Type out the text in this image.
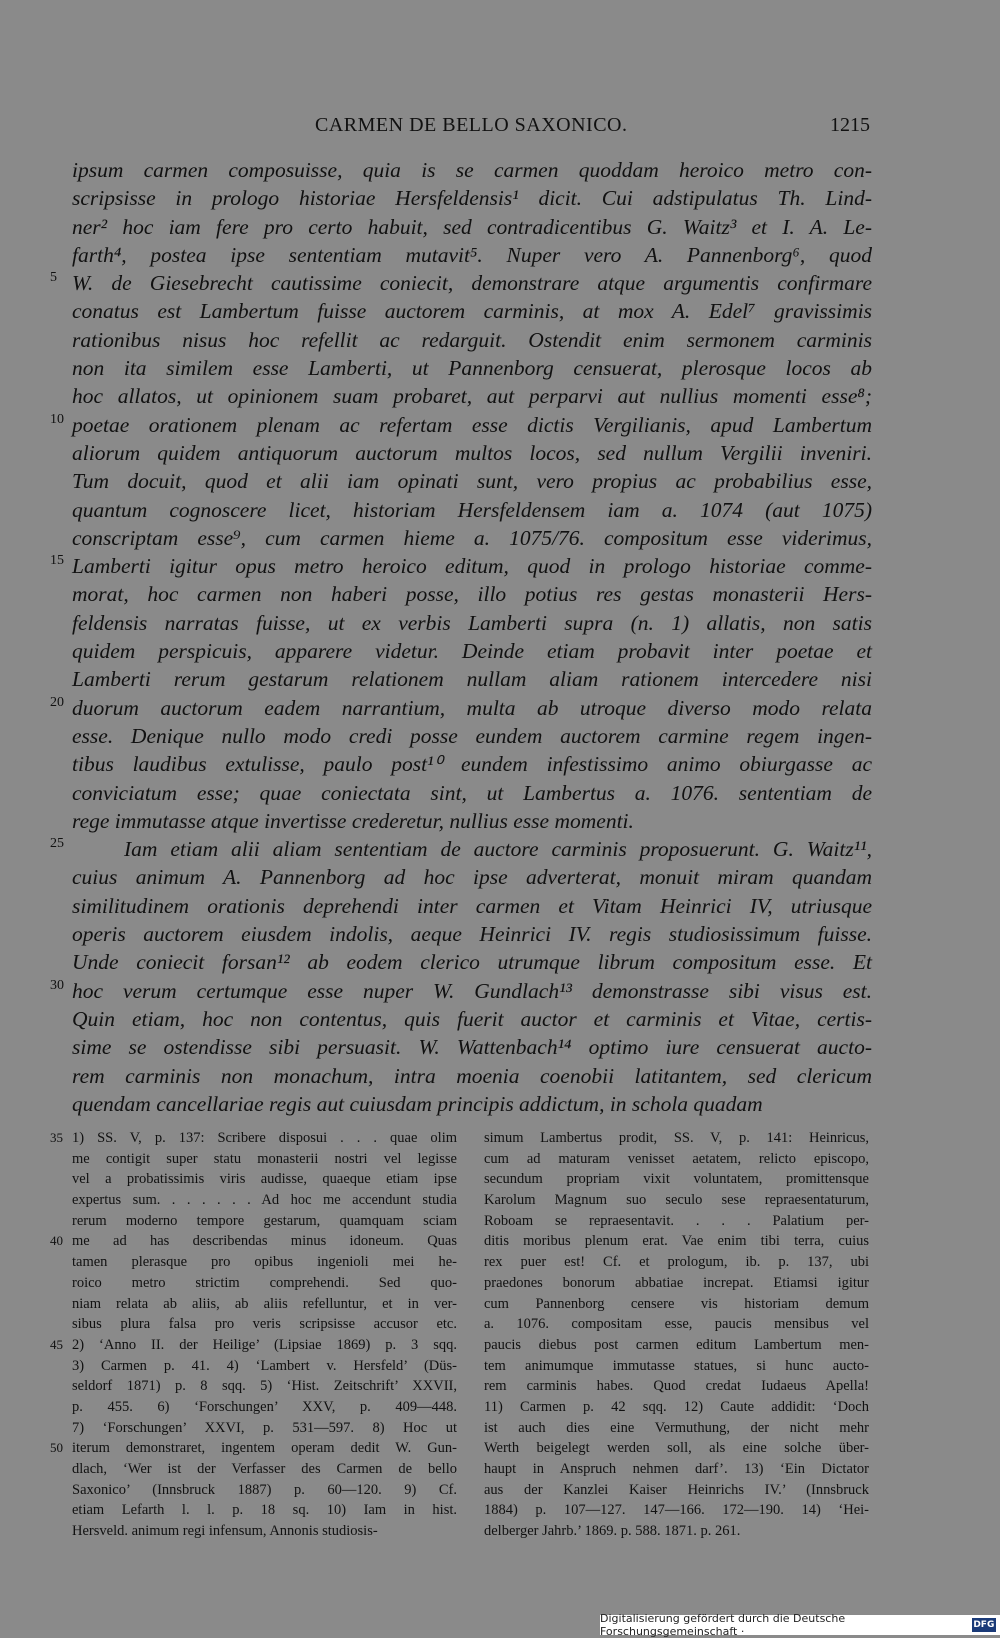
CARMEN DE BELLO SAXONICO.	1215
ipsum carmen composuisse, quia is se carmen quoddam heroico metro con-
scripsisse in prologo historiae Hersfeldensis¹ dicit. Cui adstipulatus Th. Lind-
ner² hoc iam fere pro certo habuit, sed contradicentibus G. Waitz³ et I. A. Le-
farth⁴, postea ipse sententiam mutavit⁵. Nuper vero A. Pannenborg⁶, quod
5 W. de Giesebrecht cautissime coniecit, demonstrare atque argumentis confirmare
conatus est Lambertum fuisse auctorem carminis, at mox A. Edel⁷ gravissimis
rationibus nisus hoc refellit ac redarguit. Ostendit enim sermonem carminis
non ita similem esse Lamberti, ut Pannenborg censuerat, plerosque locos ab
hoc allatos, ut opinionem suam probaret, aut perparvi aut nullius momenti esse⁸;
10 poetae orationem plenam ac refertam esse dictis Vergilianis, apud Lambertum
aliorum quidem antiquorum auctorum multos locos, sed nullum Vergilii inveniri.
Tum docuit, quod et alii iam opinati sunt, vero propius ac probabilius esse,
quantum cognoscere licet, historiam Hersfeldensem iam a. 1074 (aut 1075)
conscriptam esse⁹, cum carmen hieme a. 1075/76. compositum esse viderimus,
15 Lamberti igitur opus metro heroico editum, quod in prologo historiae comme-
morat, hoc carmen non haberi posse, illo potius res gestas monasterii Hers-
feldensis narratas fuisse, ut ex verbis Lamberti supra (n. 1) allatis, non satis
quidem perspicuis, apparere videtur. Deinde etiam probavit inter poetae et
Lamberti rerum gestarum relationem nullam aliam rationem intercedere nisi
20 duorum auctorum eadem narrantium, multa ab utroque diverso modo relata
esse. Denique nullo modo credi posse eundem auctorem carmine regem ingen-
tibus laudibus extulisse, paulo post¹⁰ eundem infestissimo animo obiurgasse ac
conviciatum esse; quae coniectata sint, ut Lambertus a. 1076. sententiam de
rege immutasse atque invertisse crederetur, nullius esse momenti.
25	Iam etiam alii aliam sententiam de auctore carminis proposuerunt. G. Waitz¹¹,
cuius animum A. Pannenborg ad hoc ipse adverterat, monuit miram quandam
similitudinem orationis deprehendi inter carmen et Vitam Heinrici IV, utriusque
operis auctorem eiusdem indolis, aeque Heinrici IV. regis studiosissimum fuisse.
Unde coniecit forsan¹² ab eodem clerico utrumque librum compositum esse. Et
30 hoc verum certumque esse nuper W. Gundlach¹³ demonstrasse sibi visus est.
Quin etiam, hoc non contentus, quis fuerit auctor et carminis et Vitae, certis-
sime se ostendisse sibi persuasit. W. Wattenbach¹⁴ optimo iure censuerat aucto-
rem carminis non monachum, intra moenia coenobii latitantem, sed clericum
quendam cancellariae regis aut cuiusdam principis addictum, in schola quadam
35 1) SS. V, p. 137: Scribere disposui . . . quae olim
me contigit super statu monasterii nostri vel legisse
vel a probatissimis viris audisse, quaeque etiam ipse
expertus sum. . . . . . . Ad hoc me accendunt studia
rerum moderno tempore gestarum, quamquam sciam
40 me ad has describendas minus idoneum. Quas
tamen plerasque pro opibus ingenioli mei he-
roico metro strictim comprehendi. Sed quo-
niam relata ab aliis, ab aliis refelluntur, et in ver-
sibus plura falsa pro veris scripsisse accusor etc.
45 2) ‘Anno II. der Heilige’ (Lipsiae 1869) p. 3 sqq.
3) Carmen p. 41. 4) ‘Lambert v. Hersfeld’ (Düs-
seldorf 1871) p. 8 sqq. 5) ‘Hist. Zeitschrift’ XXVII,
p. 455. 6) ‘Forschungen’ XXV, p. 409—448.
7) ‘Forschungen’ XXVI, p. 531—597. 8) Hoc ut
50 iterum demonstraret, ingentem operam dedit W. Gun-
dlach, ‘Wer ist der Verfasser des Carmen de bello
Saxonico’ (Innsbruck 1887) p. 60—120. 9) Cf.
etiam Lefarth l. l. p. 18 sq. 10) Iam in hist.
Hersveld. animum regi infensum, Annonis studiosis-
simum Lambertus prodit, SS. V, p. 141: Heinricus,
cum ad maturam venisset aetatem, relicto episcopo,
secundum propriam vixit voluntatem, promittensque
Karolum Magnum suo seculo sese repraesentaturum,
Roboam se repraesentavit. . . . Palatium per-
ditis moribus plenum erat. Vae enim tibi terra, cuius
rex puer est! Cf. et prologum, ib. p. 137, ubi
praedones bonorum abbatiae increpat. Etiamsi igitur
cum Pannenborg censere vis historiam demum
a. 1076. compositam esse, paucis mensibus vel
paucis diebus post carmen editum Lambertum men-
tem animumque immutasse statues, si hunc aucto-
rem carminis habes. Quod credat Iudaeus Apella!
11) Carmen p. 42 sqq. 12) Caute addidit: ‘Doch
ist auch dies eine Vermuthung, der nicht mehr
Werth beigelegt werden soll, als eine solche über-
haupt in Anspruch nehmen darf’. 13) ‘Ein Dictator
aus der Kanzlei Kaiser Heinrichs IV.’ (Innsbruck
1884) p. 107—127. 147—166. 172—190. 14) ‘Hei-
delberger Jahrb.’ 1869. p. 588. 1871. p. 261.
Digitalisierung gefördert durch die Deutsche Forschungsgemeinschaft ·	DFG
